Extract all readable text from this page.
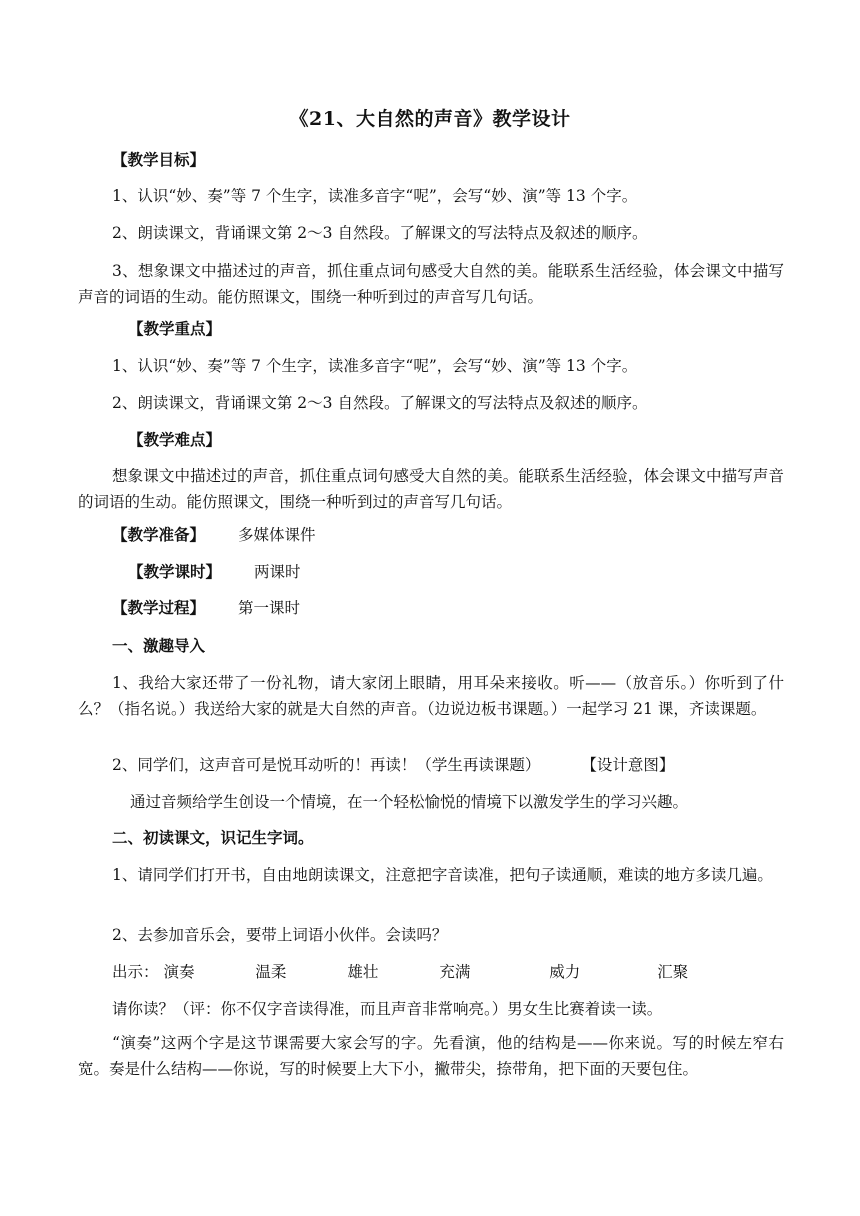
《21、大自然的声音》教学设计
【教学目标】
1、认识“妙、奏”等 7 个生字，读准多音字“呢”，会写“妙、演”等 13 个字。
2、朗读课文，背诵课文第 2～3 自然段。了解课文的写法特点及叙述的顺序。
3、想象课文中描述过的声音，抓住重点词句感受大自然的美。能联系生活经验，体会课文中描写声音的词语的生动。能仿照课文，围绕一种听到过的声音写几句话。
【教学重点】
1、认识“妙、奏”等 7 个生字，读准多音字“呢”，会写“妙、演”等 13 个字。
2、朗读课文，背诵课文第 2～3 自然段。了解课文的写法特点及叙述的顺序。
【教学难点】
想象课文中描述过的声音，抓住重点词句感受大自然的美。能联系生活经验，体会课文中描写声音的词语的生动。能仿照课文，围绕一种听到过的声音写几句话。
【教学准备】 多媒体课件
【教学课时】 两课时
【教学过程】 第一课时
一、激趣导入
1、我给大家还带了一份礼物，请大家闭上眼睛，用耳朵来接收。听——（放音乐。）你听到了什么？（指名说。）我送给大家的就是大自然的声音。（边说边板书课题。）一起学习 21 课，齐读课题。
2、同学们，这声音可是悦耳动听的！再读！（学生再读课题）	【设计意图】
通过音频给学生创设一个情境，在一个轻松愉悦的情境下以激发学生的学习兴趣。
二、初读课文，识记生字词。
1、请同学们打开书，自由地朗读课文，注意把字音读准，把句子读通顺，难读的地方多读几遍。
2、去参加音乐会，要带上词语小伙伴。会读吗？
出示： 演奏	温柔	雄壮	充满	威力	汇聚
请你读？（评：你不仅字音读得准，而且声音非常响亮。）男女生比赛着读一读。
“演奏”这两个字是这节课需要大家会写的字。先看演，他的结构是——你来说。写的时候左窄右宽。奏是什么结构——你说，写的时候要上大下小，撇带尖，捺带角，把下面的天要包住。
